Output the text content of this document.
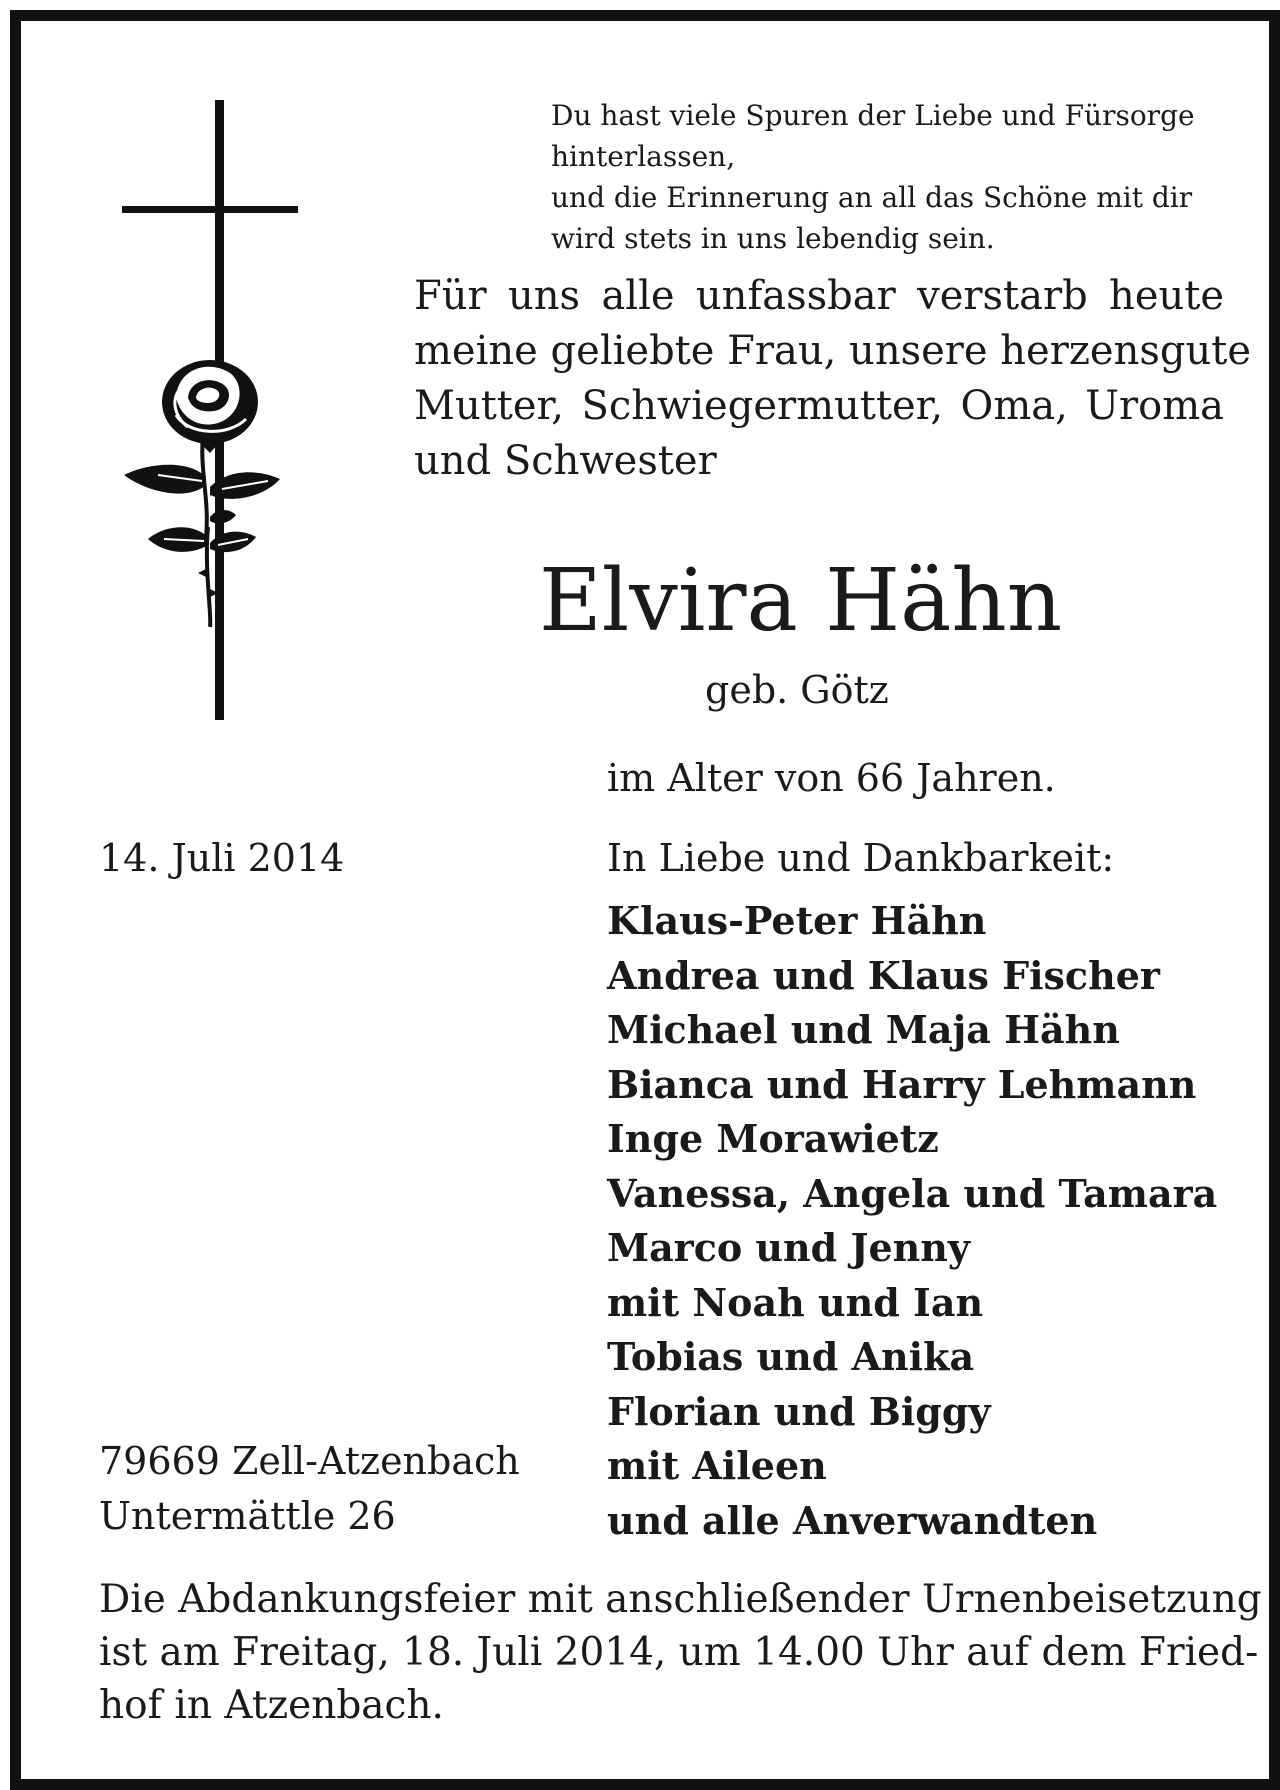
Du hast viele Spuren der Liebe und Fürsorge
hinterlassen,
und die Erinnerung an all das Schöne mit dir
wird stets in uns lebendig sein.
Für uns alle unfassbar verstarb heute
meine geliebte Frau, unsere herzensgute
Mutter, Schwiegermutter, Oma, Uroma
und Schwester
Elvira Hähn
geb. Götz
im Alter von 66 Jahren.
14. Juli 2014	In Liebe und Dankbarkeit:
Klaus-Peter Hähn
Andrea und Klaus Fischer
Michael und Maja Hähn
Bianca und Harry Lehmann
Inge Morawietz
Vanessa, Angela und Tamara
Marco und Jenny
mit Noah und Ian
Tobias und Anika
Florian und Biggy
mit Aileen
und alle Anverwandten
79669 Zell-Atzenbach
Untermättle 26
Die Abdankungsfeier mit anschließender Urnenbeisetzung
ist am Freitag, 18. Juli 2014, um 14.00 Uhr auf dem Fried-
hof in Atzenbach.
